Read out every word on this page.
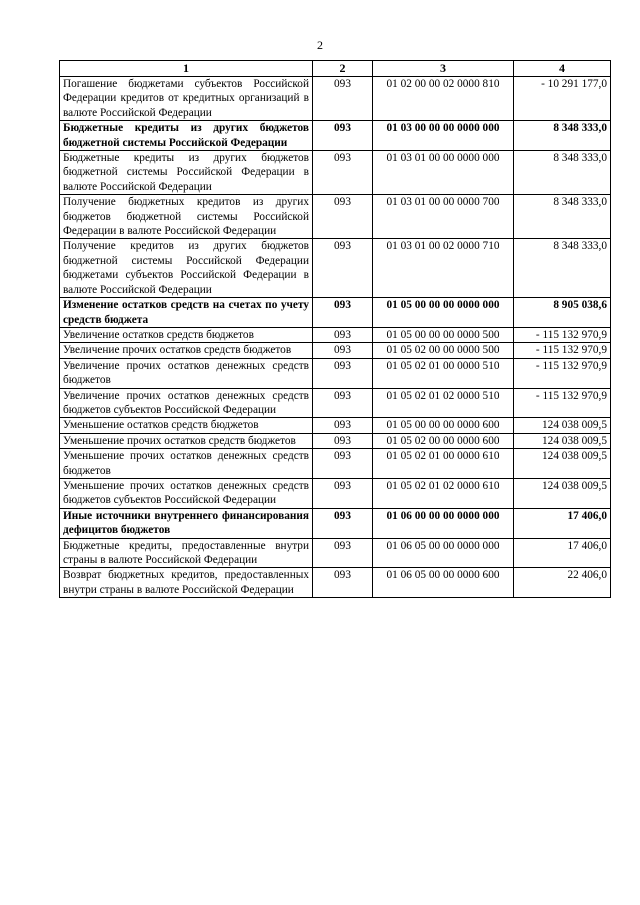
2
1	2	3	4
Погашение бюджетами субъектов Российской Федерации кредитов от кредитных организаций в валюте Российской Федерации	093	01 02 00 00 02 0000 810	- 10 291 177,0
Бюджетные кредиты из других бюджетов бюджетной системы Российской Федерации	093	01 03 00 00 00 0000 000	8 348 333,0
Бюджетные кредиты из других бюджетов бюджетной системы Российской Федерации в валюте Российской Федерации	093	01 03 01 00 00 0000 000	8 348 333,0
Получение бюджетных кредитов из других бюджетов бюджетной системы Российской Федерации в валюте Российской Федерации	093	01 03 01 00 00 0000 700	8 348 333,0
Получение кредитов из других бюджетов бюджетной системы Российской Федерации бюджетами субъектов Российской Федерации в валюте Российской Федерации	093	01 03 01 00 02 0000 710	8 348 333,0
Изменение остатков средств на счетах по учету средств бюджета	093	01 05 00 00 00 0000 000	8 905 038,6
Увеличение остатков средств бюджетов	093	01 05 00 00 00 0000 500	- 115 132 970,9
Увеличение прочих остатков средств бюджетов	093	01 05 02 00 00 0000 500	- 115 132 970,9
Увеличение прочих остатков денежных средств бюджетов	093	01 05 02 01 00 0000 510	- 115 132 970,9
Увеличение прочих остатков денежных средств бюджетов субъектов Российской Федерации	093	01 05 02 01 02 0000 510	- 115 132 970,9
Уменьшение остатков средств бюджетов	093	01 05 00 00 00 0000 600	124 038 009,5
Уменьшение прочих остатков средств бюджетов	093	01 05 02 00 00 0000 600	124 038 009,5
Уменьшение прочих остатков денежных средств бюджетов	093	01 05 02 01 00 0000 610	124 038 009,5
Уменьшение прочих остатков денежных средств бюджетов субъектов Российской Федерации	093	01 05 02 01 02 0000 610	124 038 009,5
Иные источники внутреннего финансирования дефицитов бюджетов	093	01 06 00 00 00 0000 000	17 406,0
Бюджетные кредиты, предоставленные внутри страны в валюте Российской Федерации	093	01 06 05 00 00 0000 000	17 406,0
Возврат бюджетных кредитов, предоставленных внутри страны в валюте Российской Федерации	093	01 06 05 00 00 0000 600	22 406,0
